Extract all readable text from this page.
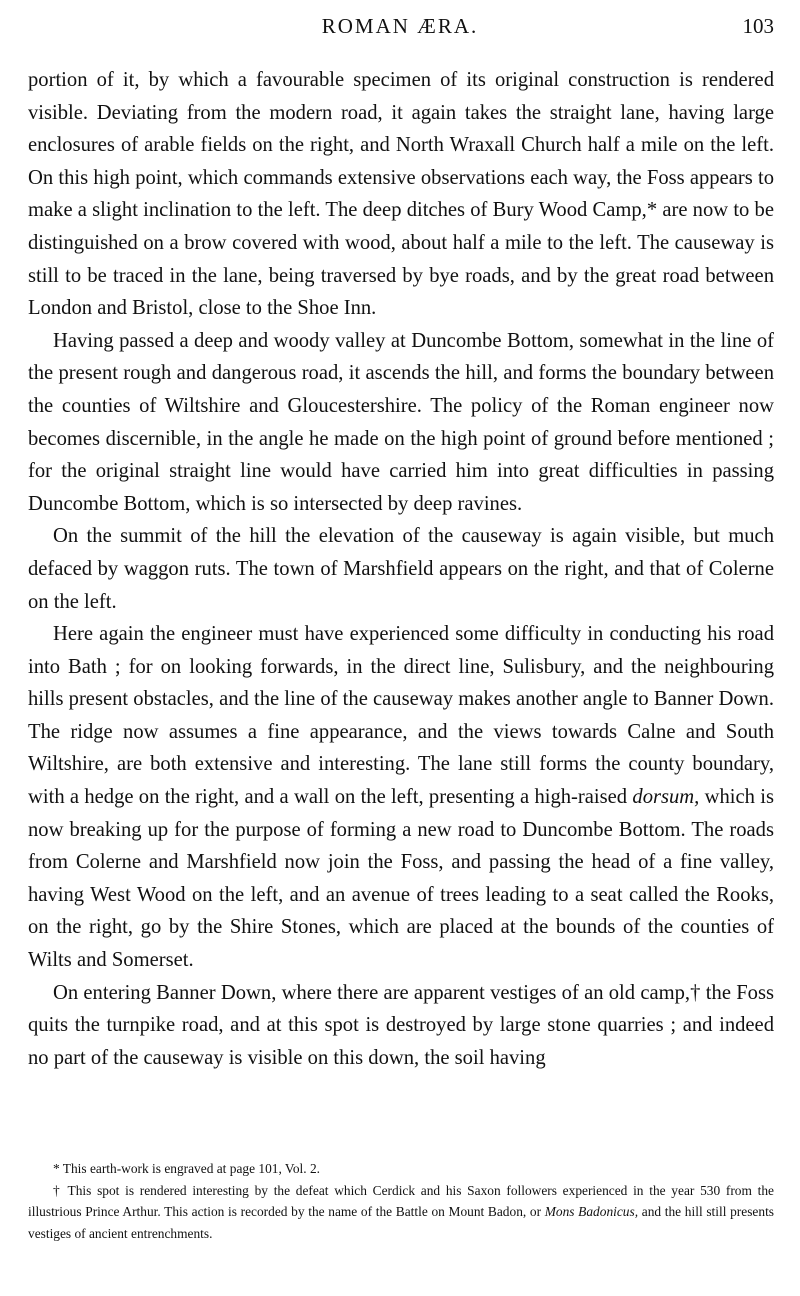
ROMAN ÆRA.	103

portion of it, by which a favourable specimen of its original construction is rendered visible. Deviating from the modern road, it again takes the straight lane, having large enclosures of arable fields on the right, and North Wraxall Church half a mile on the left. On this high point, which commands extensive observations each way, the Foss appears to make a slight inclination to the left. The deep ditches of Bury Wood Camp,* are now to be distinguished on a brow covered with wood, about half a mile to the left. The causeway is still to be traced in the lane, being traversed by bye roads, and by the great road between London and Bristol, close to the Shoe Inn.

Having passed a deep and woody valley at Duncombe Bottom, somewhat in the line of the present rough and dangerous road, it ascends the hill, and forms the boundary between the counties of Wiltshire and Gloucestershire. The policy of the Roman engineer now becomes discernible, in the angle he made on the high point of ground before mentioned ; for the original straight line would have carried him into great difficulties in passing Duncombe Bottom, which is so intersected by deep ravines.

On the summit of the hill the elevation of the causeway is again visible, but much defaced by waggon ruts. The town of Marshfield appears on the right, and that of Colerne on the left.

Here again the engineer must have experienced some difficulty in conducting his road into Bath ; for on looking forwards, in the direct line, Sulisbury, and the neighbouring hills present obstacles, and the line of the causeway makes another angle to Banner Down. The ridge now assumes a fine appearance, and the views towards Calne and South Wiltshire, are both extensive and interesting. The lane still forms the county boundary, with a hedge on the right, and a wall on the left, presenting a high-raised dorsum, which is now breaking up for the purpose of forming a new road to Duncombe Bottom. The roads from Colerne and Marshfield now join the Foss, and passing the head of a fine valley, having West Wood on the left, and an avenue of trees leading to a seat called the Rooks, on the right, go by the Shire Stones, which are placed at the bounds of the counties of Wilts and Somerset.

On entering Banner Down, where there are apparent vestiges of an old camp,† the Foss quits the turnpike road, and at this spot is destroyed by large stone quarries ; and indeed no part of the causeway is visible on this down, the soil having

* This earth-work is engraved at page 101, Vol. 2.

† This spot is rendered interesting by the defeat which Cerdick and his Saxon followers experienced in the year 530 from the illustrious Prince Arthur. This action is recorded by the name of the Battle on Mount Badon, or Mons Badonicus, and the hill still presents vestiges of ancient entrenchments.
